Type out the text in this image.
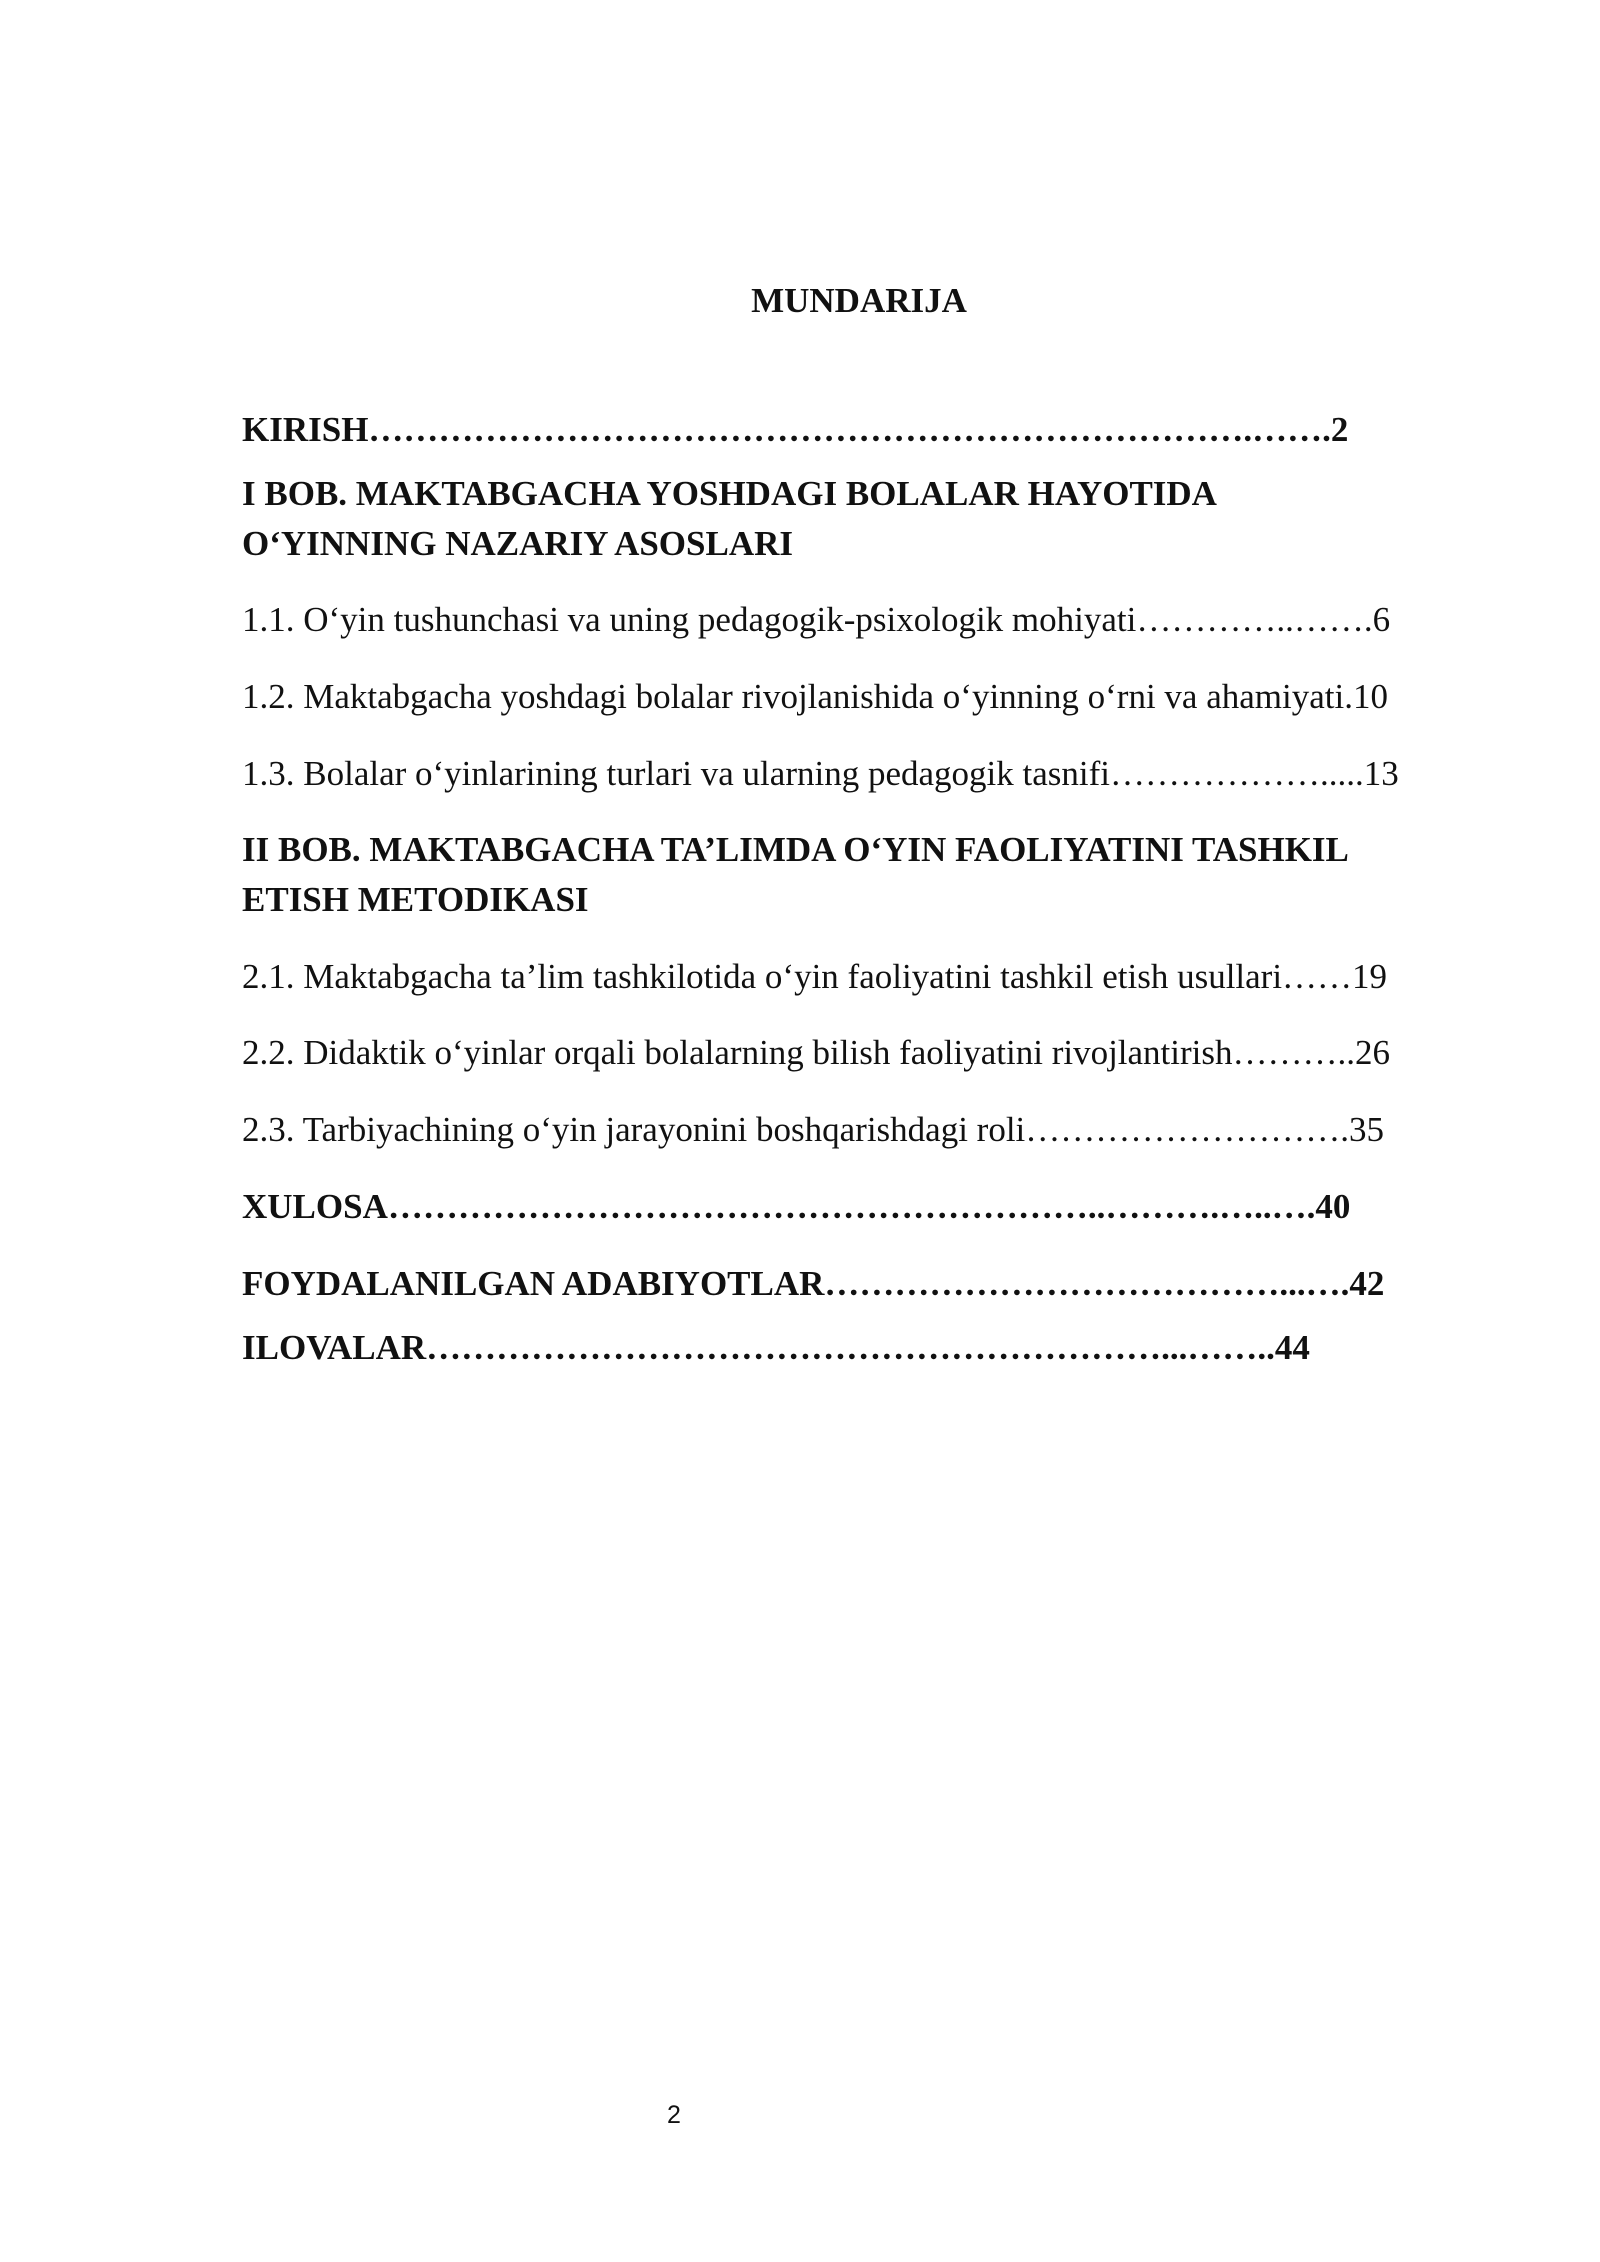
MUNDARIJA
KIRISH………………………………………………………………….…….2
I BOB. MAKTABGACHA YOSHDAGI BOLALAR HAYOTIDA
O‘YINNING NAZARIY ASOSLARI
1.1. O‘yin tushunchasi va uning pedagogik-psixologik mohiyati…………..…….6
1.2. Maktabgacha yoshdagi bolalar rivojlanishida o‘yinning o‘rni va ahamiyati.10
1.3. Bolalar o‘yinlarining turlari va ularning pedagogik tasnifi……………….....13
II BOB. MAKTABGACHA TA’LIMDA O‘YIN FAOLIYATINI TASHKIL
ETISH METODIKASI
2.1. Maktabgacha ta’lim tashkilotida o‘yin faoliyatini tashkil etish usullari……19
2.2. Didaktik o‘yinlar orqali bolalarning bilish faoliyatini rivojlantirish………..26
2.3. Tarbiyachining o‘yin jarayonini boshqarishdagi roli……………………….35
XULOSA……………………………………………………..……….…..….40
FOYDALANILGAN ADABIYOTLAR…………………………………...….42
ILOVALAR………………………………………………………...……..44
2
